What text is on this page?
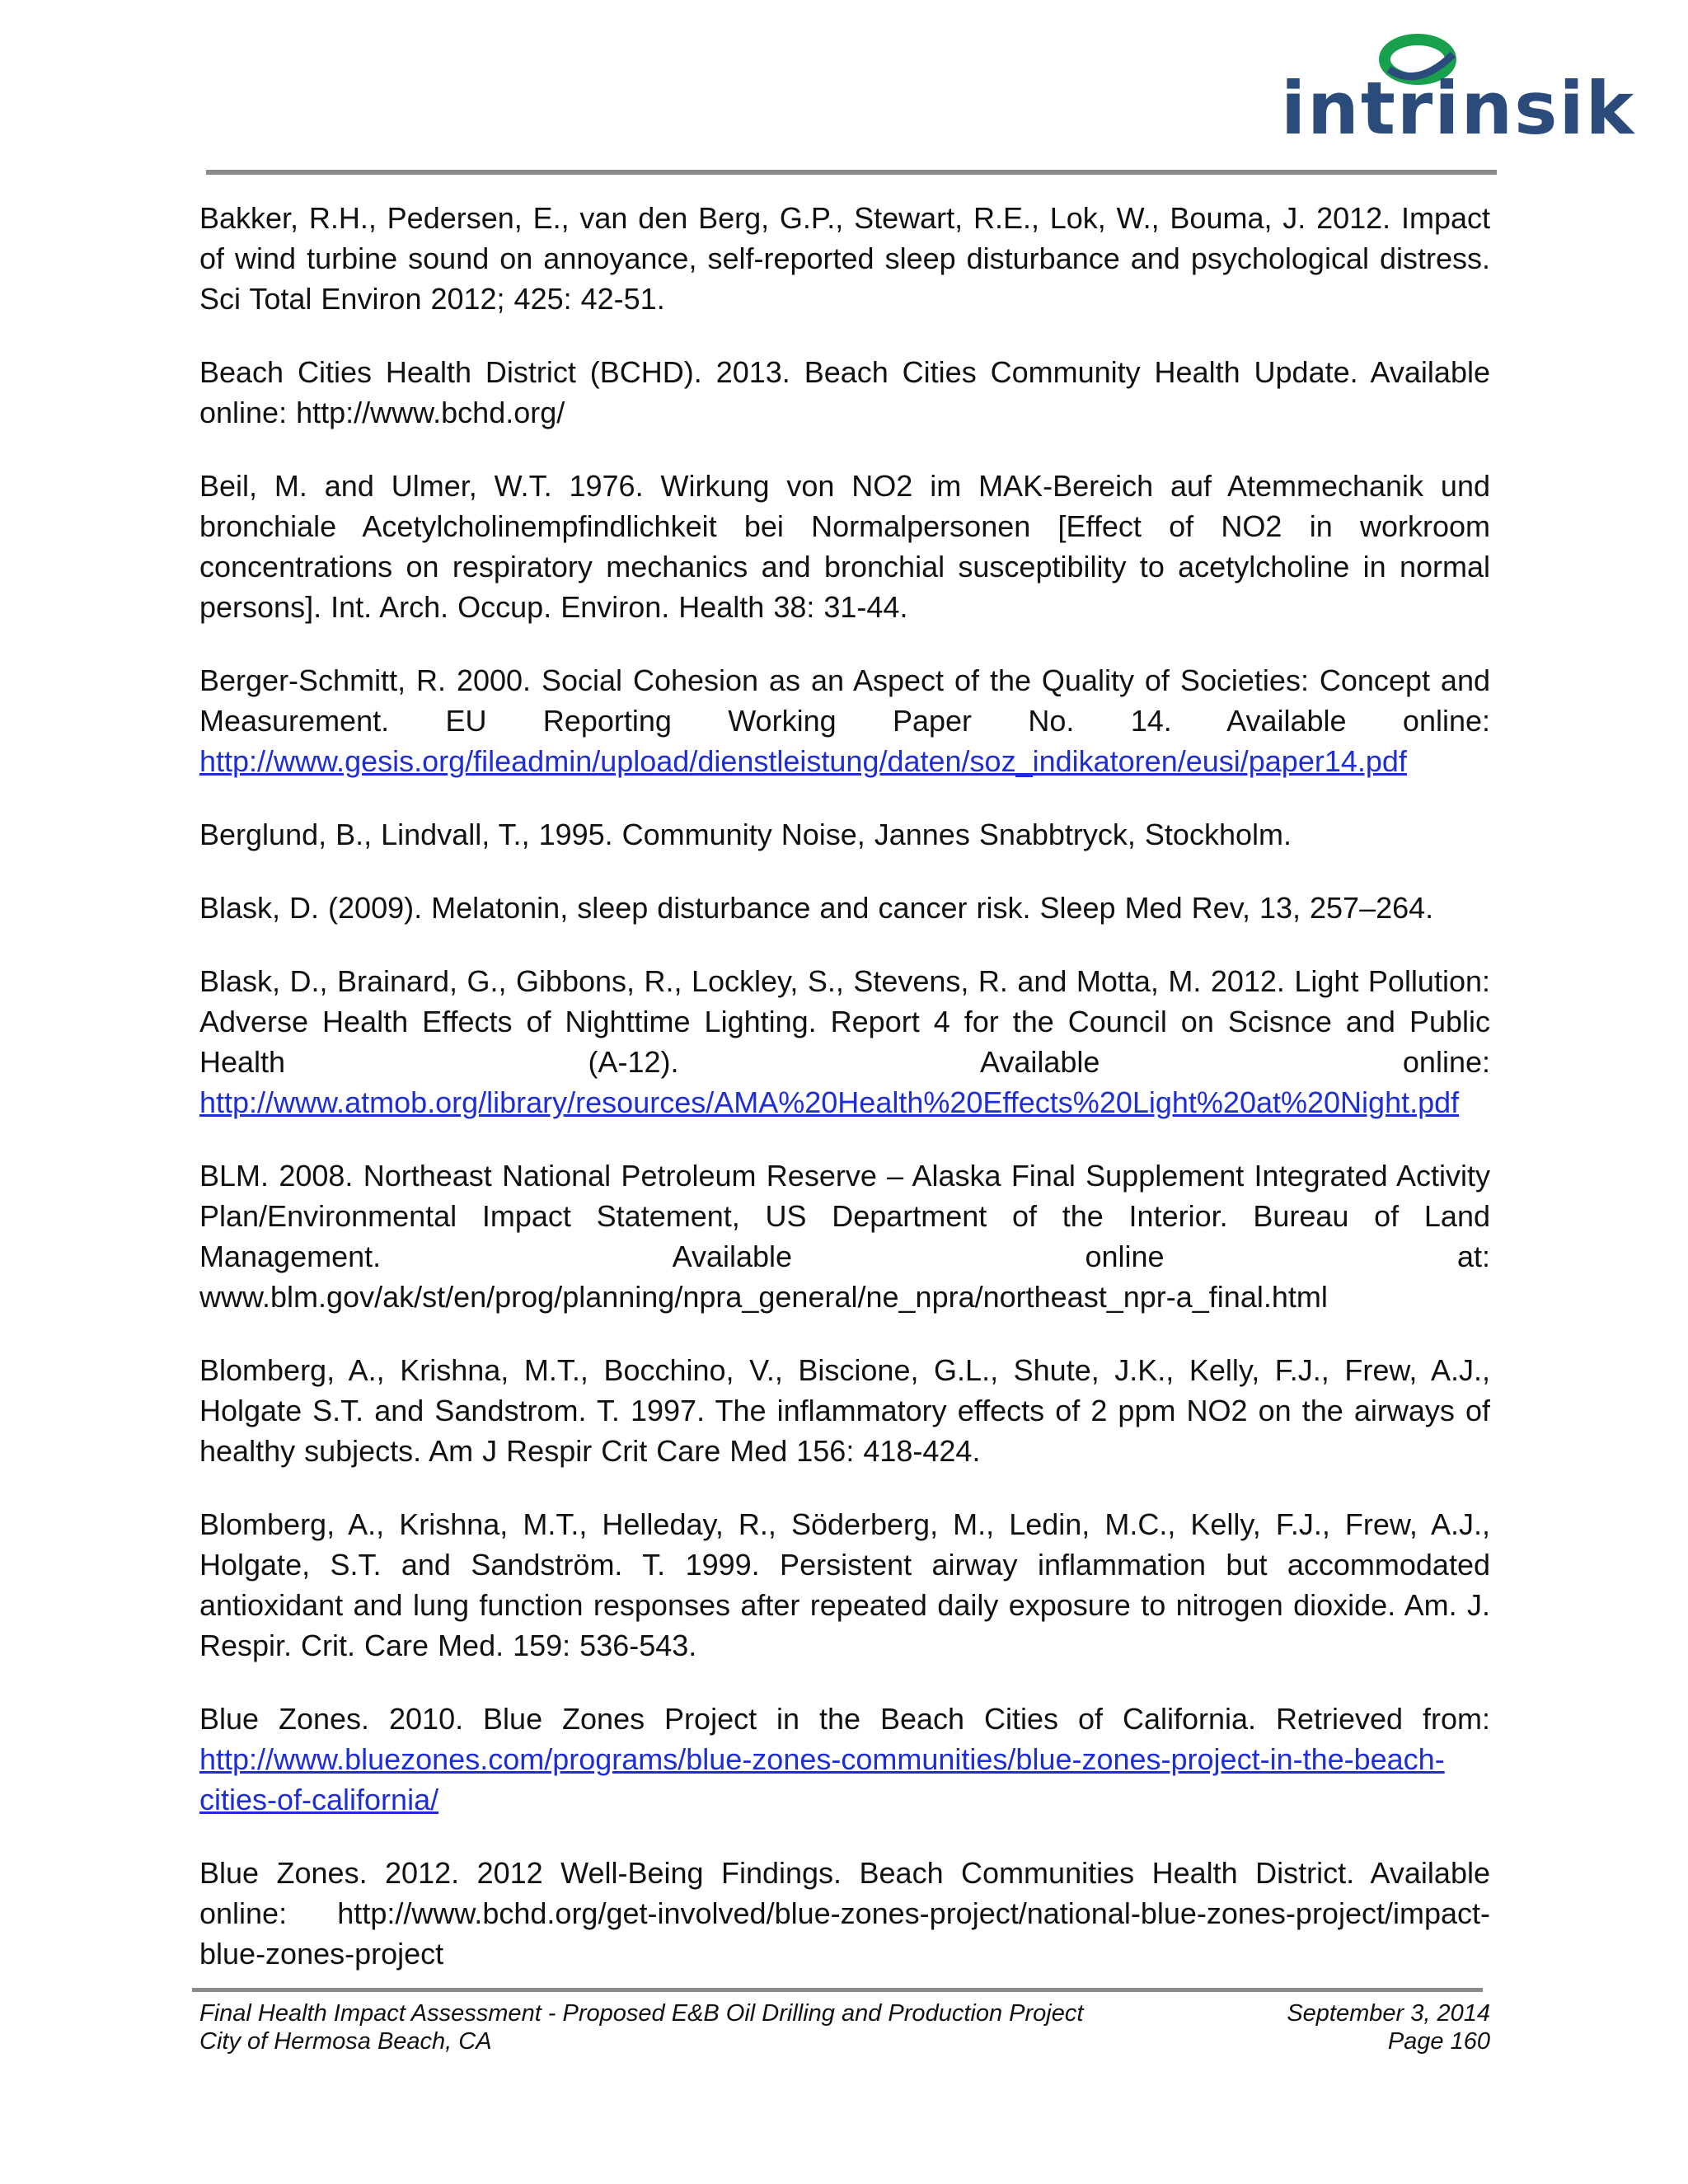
intrinsik

Bakker, R.H., Pedersen, E., van den Berg, G.P., Stewart, R.E., Lok, W., Bouma, J. 2012. Impact of wind turbine sound on annoyance, self-reported sleep disturbance and psychological distress. Sci Total Environ 2012; 425: 42-51.

Beach Cities Health District (BCHD). 2013. Beach Cities Community Health Update. Available online: http://www.bchd.org/

Beil, M. and Ulmer, W.T. 1976. Wirkung von NO2 im MAK-Bereich auf Atemmechanik und bronchiale Acetylcholinempfindlichkeit bei Normalpersonen [Effect of NO2 in workroom concentrations on respiratory mechanics and bronchial susceptibility to acetylcholine in normal persons]. Int. Arch. Occup. Environ. Health 38: 31-44.

Berger-Schmitt, R. 2000. Social Cohesion as an Aspect of the Quality of Societies: Concept and Measurement. EU Reporting Working Paper No. 14. Available online: http://www.gesis.org/fileadmin/upload/dienstleistung/daten/soz_indikatoren/eusi/paper14.pdf

Berglund, B., Lindvall, T., 1995. Community Noise, Jannes Snabbtryck, Stockholm.

Blask, D. (2009). Melatonin, sleep disturbance and cancer risk. Sleep Med Rev, 13, 257–264.

Blask, D., Brainard, G., Gibbons, R., Lockley, S., Stevens, R. and Motta, M. 2012. Light Pollution: Adverse Health Effects of Nighttime Lighting. Report 4 for the Council on Scisnce and Public Health (A-12). Available online: http://www.atmob.org/library/resources/AMA%20Health%20Effects%20Light%20at%20Night.pdf

BLM. 2008. Northeast National Petroleum Reserve – Alaska Final Supplement Integrated Activity Plan/Environmental Impact Statement, US Department of the Interior. Bureau of Land Management. Available online at: www.blm.gov/ak/st/en/prog/planning/npra_general/ne_npra/northeast_npr-a_final.html

Blomberg, A., Krishna, M.T., Bocchino, V., Biscione, G.L., Shute, J.K., Kelly, F.J., Frew, A.J., Holgate S.T. and Sandstrom. T. 1997. The inflammatory effects of 2 ppm NO2 on the airways of healthy subjects. Am J Respir Crit Care Med 156: 418-424.

Blomberg, A., Krishna, M.T., Helleday, R., Söderberg, M., Ledin, M.C., Kelly, F.J., Frew, A.J., Holgate, S.T. and Sandström. T. 1999. Persistent airway inflammation but accommodated antioxidant and lung function responses after repeated daily exposure to nitrogen dioxide. Am. J. Respir. Crit. Care Med. 159: 536-543.

Blue Zones. 2010. Blue Zones Project in the Beach Cities of California. Retrieved from: http://www.bluezones.com/programs/blue-zones-communities/blue-zones-project-in-the-beach-cities-of-california/

Blue Zones. 2012. 2012 Well-Being Findings. Beach Communities Health District. Available online: http://www.bchd.org/get-involved/blue-zones-project/national-blue-zones-project/impact-blue-zones-project

Final Health Impact Assessment - Proposed E&B Oil Drilling and Production Project	September 3, 2014
City of Hermosa Beach, CA	Page 160
